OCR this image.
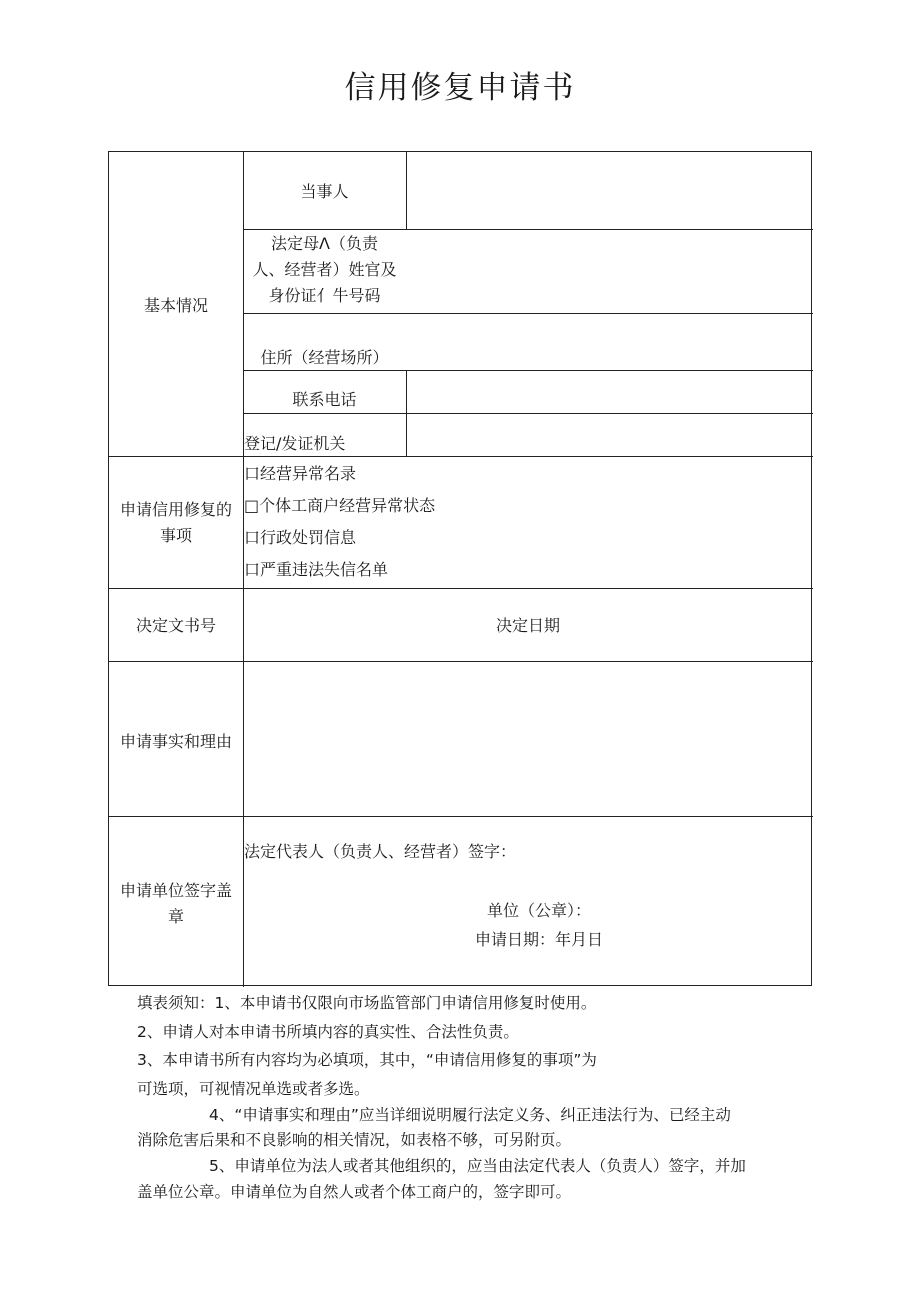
信用修复申请书
基本情况
当事人
法定母Λ（负责
人、经营者）姓官及
身份证亻牛号码
住所（经营场所）
联系电话
登记/发证机关
申请信用修复的
事项
口经营异常名录
□个体工商户经营异常状态
口行政处罚信息
口严重违法失信名单
决定文书号	决定日期
申请事实和理由
申请单位签字盖
章
法定代表人（负责人、经营者）签字：
单位（公章）：
申请日期：年月日
填表须知：1、本申请书仅限向市场监管部门申请信用修复时使用。
2、申请人对本申请书所填内容的真实性、合法性负责。
3、本申请书所有内容均为必填项，其中，“申请信用修复的事项”为
可选项，可视情况单选或者多选。
4、“申请事实和理由”应当详细说明履行法定义务、纠正违法行为、已经主动
消除危害后果和不良影响的相关情况，如表格不够，可另附页。
5、申请单位为法人或者其他组织的，应当由法定代表人（负责人）签字，并加
盖单位公章。申请单位为自然人或者个体工商户的，签字即可。
